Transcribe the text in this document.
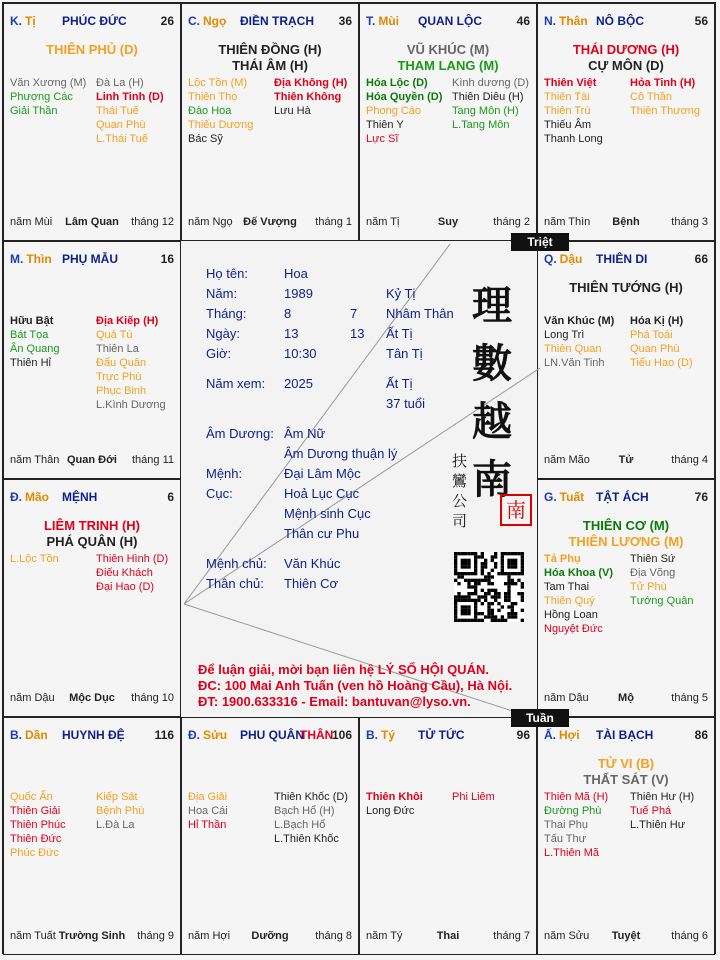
K. Tị PHÚC ĐỨC	26
THIÊN PHỦ (D)
Văn Xương (M)
Phượng Các
Giải Thần
Đà La (H)
Linh Tinh (D)
Thái Tuế
Quan Phù
L.Thái Tuế
năm Mùi	Lâm Quan	tháng 12
C. Ngọ ĐIỀN TRẠCH 36
THIÊN ĐỒNG (H)
THÁI ÂM (H)
Lộc Tồn (M)
Thiên Thọ
Đào Hoa
Thiếu Dương
Bác Sỹ
Địa Không (H)
Thiên Không
Lưu Hà
năm Ngọ Đế Vượng	tháng 1
T. Mùi QUAN LỘC	46
VŨ KHÚC (M)
THAM LANG (M)
Hóa Lộc (D)
Hóa Quyền (D)
Phong Cáo
Thiên Y
Lực Sĩ
Kình dương (D)
Thiên Diêu (H)
Tang Môn (H)
L.Tang Môn
năm Tị	Suy	tháng 2
N. Thân NÔ BỘC	56
THÁI DƯƠNG (H)
CỰ MÔN (D)
Thiên Việt
Thiên Tài
Thiên Trù
Thiếu Âm
Thanh Long
Hỏa Tinh (H)
Cô Thần
Thiên Thương
năm Thìn	Bệnh	tháng 3
M. Thìn PHỤ MẪU	16
Hữu Bật
Bát Tọa
Ân Quang
Thiên Hỉ
Địa Kiếp (H)
Quả Tú
Thiên La
Đẩu Quân
Trực Phù
Phục Binh
L.Kình Dương
năm Thân Quan Đới	tháng 11
Q. Dậu THIÊN DI	66
THIÊN TƯỚNG (H)
Văn Khúc (M)
Long Trì
Thiên Quan
LN.Văn Tinh
Hóa Kị (H)
Phá Toái
Quan Phù
Tiểu Hao (D)
năm Mão	Tử	tháng 4
Đ. Mão MỆNH	6
LIÊM TRINH (H)
PHÁ QUÂN (H)
L.Lộc Tồn	Thiên Hình (D)
Điếu Khách
Đại Hao (D)
năm Dậu	Mộc Dục	tháng 10
G. Tuất TẬT ÁCH	76
THIÊN CƠ (M)
THIÊN LƯƠNG (M)
Tả Phụ
Hóa Khoa (V)
Tam Thai
Thiên Quý
Hồng Loan
Nguyệt Đức
Thiên Sứ
Địa Võng
Tử Phù
Tướng Quân
năm Dậu	Mộ	tháng 5
B. Dần HUYNH ĐỆ 116
Quốc Ấn
Thiên Giải
Thiên Phúc
Thiên Đức
Phúc Đức
Kiếp Sát
Bệnh Phù
L.Đà La
năm Tuất Trường Sinh	tháng 9
Đ. Sửu PHU QUÂN
THÂN
106
Địa Giải
Hoa Cái
Hỉ Thần
Thiên Khốc (D)
Bạch Hổ (H)
L.Bạch Hổ
L.Thiên Khốc
năm Hợi	Dưỡng	tháng 8
B. Tý TỬ TỨC	96
Thiên Khôi
Long Đức
Phi Liêm
năm Tý	Thai	tháng 7
Ấ. Hợi TÀI BẠCH	86
TỬ VI (B)
THẤT SÁT (V)
Thiên Mã (H)
Đường Phù
Thai Phụ
Tấu Thư
L.Thiên Mã
Thiên Hư (H)
Tuế Phá
L.Thiên Hư
năm Sửu	Tuyệt	tháng 6
Họ tên:	Hoa
Năm:	1989	Kỷ Tị
Tháng:	8	7 Nhâm Thân
Ngày:	13	13 Ất Tị
Giờ:	10:30	Tân Tị
Năm xem: 2025	Ất Tị
37 tuổi
Âm Dương: Âm Nữ
Âm Dương thuận lý
Mệnh:	Đại Lâm Mộc
Cục:	Hoả Lục Cục
Mệnh sinh Cục
Thân cư Phu
Mệnh chủ: Văn Khúc
Thân chủ: Thiên Cơ
理
數
越
南
扶
鸞
公
司	南
Để luận giải, mời bạn liên hệ LÝ SỐ HỘI QUÁN.
ĐC: 100 Mai Anh Tuấn (ven hồ Hoàng Cầu), Hà Nội.
ĐT: 1900.633316 - Email: bantuvan@lyso.vn.
Triệt
Tuần
